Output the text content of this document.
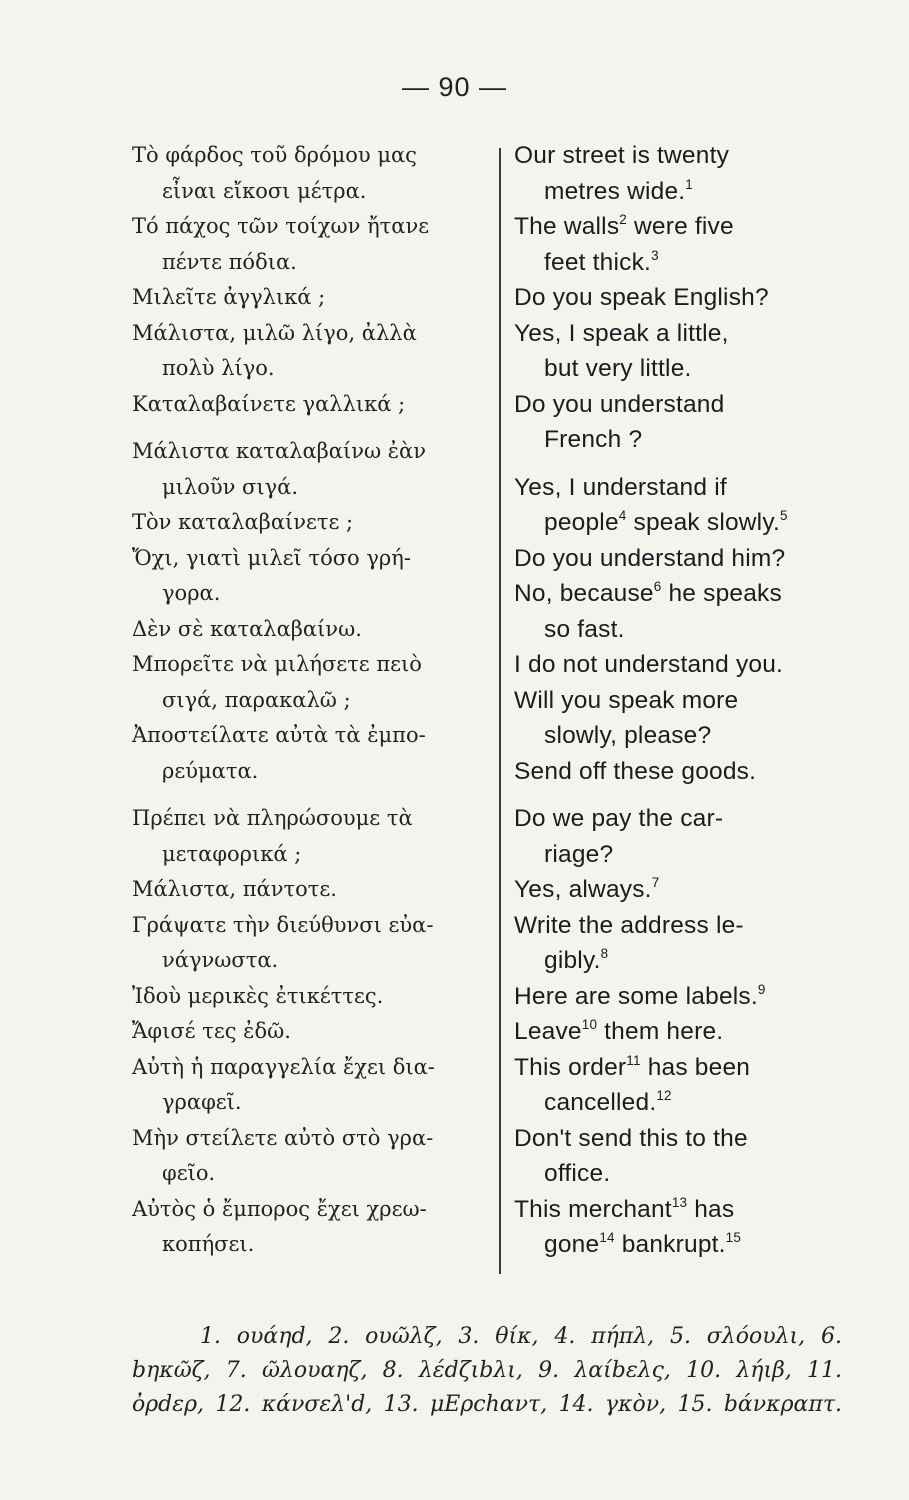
— 90 —
Τὸ φάρδος τοῦ δρόμου μας
εἶναι εἴκοσι μέτρα.
Τό πάχος τῶν τοίχων ἤτανε
πέντε πόδια.
Μιλεῖτε ἀγγλικά ;
Μάλιστα, μιλῶ λίγο, ἀλλὰ
πολὺ λίγο.
Καταλαβαίνετε γαλλικά ;
Μάλιστα καταλαβαίνω ἐὰν
μιλοῦν σιγά.
Τὸν καταλαβαίνετε ;
Ὄχι, γιατὶ μιλεῖ τόσο γρή-
γορα.
Δὲν σὲ καταλαβαίνω.
Μπορεῖτε νὰ μιλήσετε πειὸ
σιγά, παρακαλῶ ;
Ἀποστείλατε αὐτὰ τὰ ἐμπο-
ρεύματα.
Πρέπει νὰ πληρώσουμε τὰ
μεταφορικά ;
Μάλιστα, πάντοτε.
Γράψατε τὴν διεύθυνσι εὐα-
νάγνωστα.
Ἰδοὺ μερικὲς ἐτικέττες.
Ἄφισέ τες ἐδῶ.
Αὐτὴ ἡ παραγγελία ἔχει δια-
γραφεῖ.
Μὴν στείλετε αὐτὸ στὸ γρα-
φεῖο.
Αὐτὸς ὁ ἔμπορος ἔχει χρεω-
κοπήσει.
Our street is twenty
metres wide.$^1$
The walls$^2$ were five
feet thick.$^3$
Do you speak English?
Yes, I speak a little,
but very little.
Do you understand
French ?
Yes, I understand if
people$^4$ speak slowly.$^5$
Do you understand him?
No, because$^6$ he speaks
so fast.
I do not understand you.
Will you speak more
slowly, please?
Send off these goods.
Do we pay the car-
riage?
Yes, always.$^7$
Write the address le-
gibly.$^8$
Here are some labels.$^9$
Leave$^{10}$ them here.
This order$^{11}$ has been
cancelled.$^{12}$
Don't send this to the
office.
This merchant$^{13}$ has
gone$^{14}$ bankrupt.$^{15}$
1. ουάηd, 2. ουῶλζ, 3. θίκ, 4. πήπλ, 5. σλόουλι, 6.
bηκῶζ, 7. ῶλουαηζ, 8. λέdζιbλι, 9. λαίbελς, 10. λήιβ, 11.
ὀρdερ, 12. κάνσελ'd, 13. μΕρchαντ, 14. γκὸν, 15. bάνκραπτ.
